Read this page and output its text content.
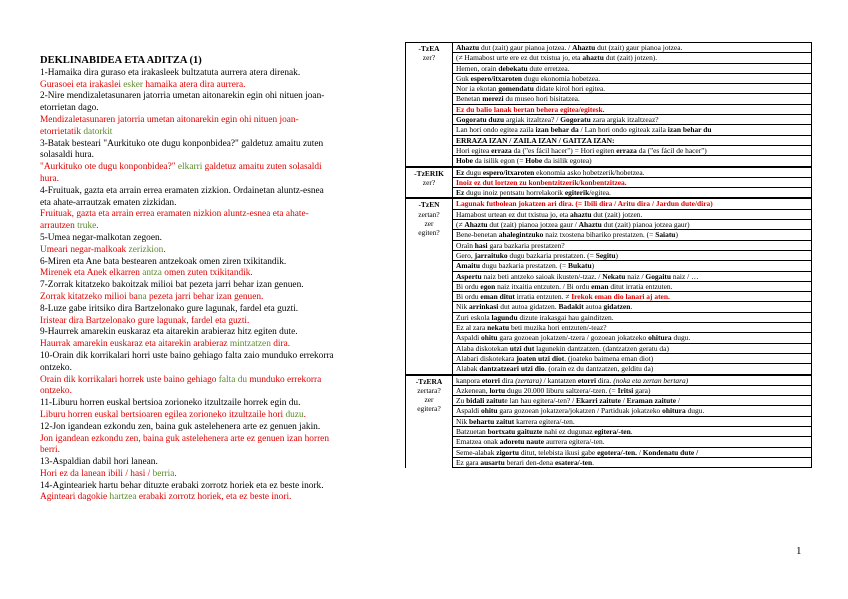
DEKLINABIDEA ETA ADITZA (1)
1-Hamaika dira guraso eta irakasleek bultzatuta aurrera atera direnak.
Gurasoei eta irakaslei esker hamaika atera dira aurrera.
2-Nire mendizaletasunaren jatorria umetan aitonarekin egin ohi nituen joan-
etorrietan dago.
Mendizaletasunaren jatorria umetan aitonarekin egin ohi nituen joan-
etorrietatik datorkit
3-Batak besteari "Aurkituko ote dugu konponbidea?" galdetuz amaitu zuten
solasaldi hura.
"Aurkituko ote dugu konponbidea?" elkarri galdetuz amaitu zuten solasaldi
hura.
4-Fruituak, gazta eta arrain errea eramaten zizkion. Ordainetan aluntz-esnea
eta ahate-arrautzak ematen zizkidan.
Fruituak, gazta eta arrain errea eramaten nizkion aluntz-esnea eta ahate-
arrautzen truke.
5-Umea negar-malkotan zegoen.
Umeari negar-malkoak zerizkion.
6-Miren eta Ane bata bestearen antzekoak omen ziren txikitandik.
Mirenek eta Anek elkarren antza omen zuten txikitandik.
7-Zorrak kitatzeko bakoitzak milioi bat pezeta jarri behar izan genuen.
Zorrak kitatzeko milioi bana pezeta jarri behar izan genuen.
8-Luze gabe iritsiko dira Bartzelonako gure lagunak, fardel eta guzti.
Iristear dira Bartzelonako gure lagunak, fardel eta guzti.
9-Haurrek amarekin euskaraz eta aitarekin arabieraz hitz egiten dute.
Haurrak amarekin euskaraz eta aitarekin arabieraz mintzatzen dira.
10-Orain dik korrikalari horri uste baino gehiago falta zaio munduko errekorra
ontzeko.
Orain dik korrikalari horrek uste baino gehiago falta du munduko errekorra
ontzeko.
11-Liburu horren euskal bertsioa zorioneko itzultzaile horrek egin du.
Liburu horren euskal bertsioaren egilea zorioneko itzultzaile hori duzu.
12-Jon igandean ezkondu zen, baina guk astelehenera arte ez genuen jakin.
Jon igandean ezkondu zen, baina guk astelehenera arte ez genuen izan horren
berri.
13-Aspaldian dabil hori lanean.
Hori ez da lanean ibili / hasi / berria.
14-Aginteariek hartu behar dituzte erabaki zorrotz horiek eta ez beste inork.
Aginteari dagokie hartzea erabaki zorrotz horiek, eta ez beste inori.
-TzEA
zer?	Ahaztu dut (zait) gaur pianoa jotzea. / Ahaztu dut (zait) gaur pianoa jotzea.
	(≠ Hamabost urte ere ez dut txistua jo, eta ahaztu dut (zait) jotzen).
	Hemen, orain debekatu dute erretzea.
	Guk espero/itxaroten dugu ekonomia hobetzea.
	Nor ia ekotan gomendatu didate kirol hori egitea.
	Benetan merezi du museo hori bisitatzea.
	Ez du balio lanak bertan behera egitea/egitesk.
	Gogoratu duzu argiak itzaltzea? / Gogoratu zara argiak itzaltzeaz?
	Lan hori ondo egitea zaila izan behar da / Lan hori ondo egiteak zaila izan behar du
	ERRAZA IZAN / ZAILA IZAN / GAITZA IZAN:
	Hori egitea erraza da ("es fácil hacer") = Hori egiten erraza da ("es fácil de hacer")
	Hobe da isilik egon (= Hobe da isilik egotea)

-TzERIK
zer?	Ez dugu espero/itxaroten ekonomia asko hobetzerik/hobetzea.
	Inoiz ez dut lortzen zu konbentzitzerik/konbentzitzea.
	Ez dugu inoiz pentsatu horrelakorik egiterik/egitea.

-TzEN
zertan?
zer
egiten?	Lagunak futbolean jokatzen ari dira. (= Ibili dira / Aritu dira / Jardun dute/dira)
	Hamabost urtean ez dut txistua jo, eta ahaztu dut (zait) jotzen.
	(≠ Ahaztu dut (zait) pianoa jotzea gaur / Ahaztu dut (zait) pianoa jotzea gaur)
	Bene-benetan ahalegintzuko naiz txostena bihariko prestatzen. (= Saiatu)
	Oraïn hasi gara bazkaria prestatzen?
	Gero, jarraituko dugu bazkaria prestatzen. (= Segitu)
	Amaitu dugu bazkaria prestatzen. (= Bukatu)
	Aspertu naiz beti antzeko saioak ikusten/-tzaz. / Nekatu naiz / Gogaitu naiz / …
	Bi ordu egon naiz itxaitia entzuten. / Bi ordu eman ditut irratia entzuten.
	Bi ordu eman ditut irratia entzuten. ≠ Irekok eman dio lanari aj aten.
	Nik arrinkasi dut autoa gidatzen. Badakit autoa gidatzen.
	Zuri eskola lagundu dizute irakasgai hau gainditzen.
	Ez al zara nekatu beti muzika hori entzuten/-teaz?
	Aspaldi ohitu gara gozoean jokatzen/-tzera / gozoean jokatzeko ohitura dugu.
	Alaba diskotekan utzi dut lagunekin dantzatzen. (dantzatzen geratu da)
	Alabari diskotekara joaten utzi diot. (joateko baimena eman diot)
	Alabak dantzatzeari utzi dio. (orain ez du dantzatzen, gelditu da)

-TzERA
zertara?
zer
egitera?	kanpora etorri dira (zertara) / kantatzen etorri dira. (noka eta zertan bertara)
	Azkenean, lortu dugu 20.000 liburu saltzera/-tzen. (= Iritsi gara)
	Zu bidali zaitute lan hau egitera/-ten? / Ekarri zaitute / Eraman zaitute /
	Aspaldi ohitu gara gozoean jokatzera/jokatzen / Partiduak jokatzeko ohitura dugu.
	Nik behartu zaitut karrera egitera/-ten.
	Batzuetan bortxatu gaituzte nahi ez dugunaz egitera/-ten.
	Ematzea onak adoretu naute aurrera egitera/-ten.
	Seme-alabak zigortu ditut, telebista ikusi gabe egotera/-ten. / Kondenatu dute /
	Ez gara ausartu berari den-dena esatera/-ten.
1
